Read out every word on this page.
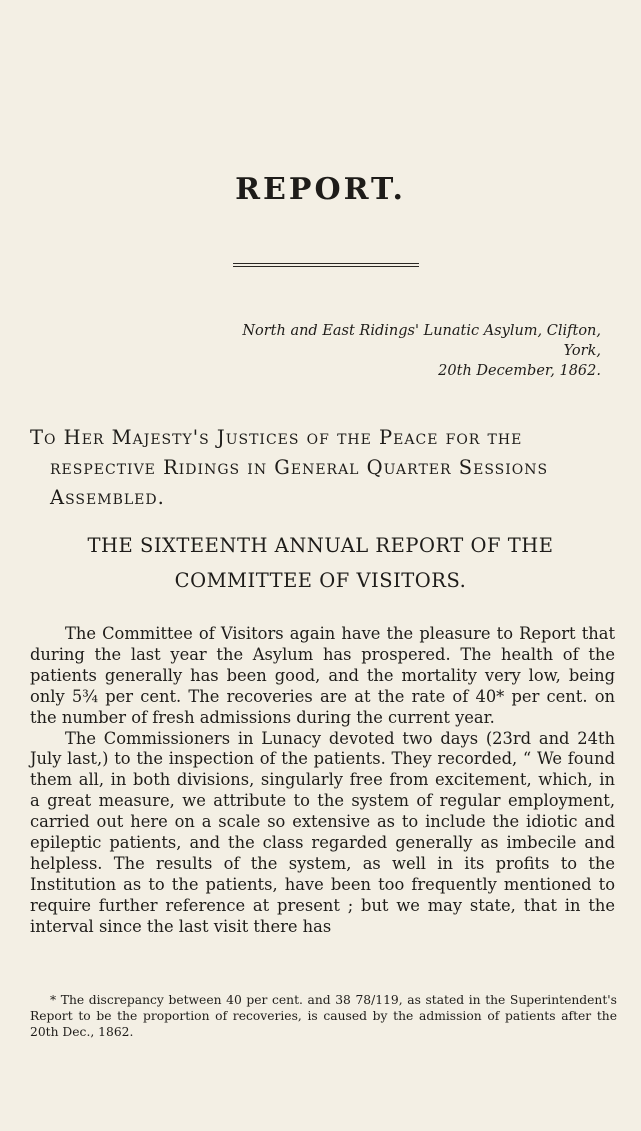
REPORT.
North and East Ridings' Lunatic Asylum, Clifton, York,
20th December, 1862.
To Her Majesty's Justices of the Peace for the
respective Ridings in General Quarter Sessions
Assembled.
THE SIXTEENTH ANNUAL REPORT OF THE
COMMITTEE OF VISITORS.

The Committee of Visitors again have the pleasure to Report that during the last year the Asylum has prospered. The health of the patients generally has been good, and the mortality very low, being only 5¾ per cent. The recoveries are at the rate of 40* per cent. on the number of fresh admissions during the current year.

The Commissioners in Lunacy devoted two days (23rd and 24th July last,) to the inspection of the patients. They recorded, “ We found them all, in both divisions, singularly free from excitement, which, in a great measure, we attribute to the system of regular employment, carried out here on a scale so extensive as to include the idiotic and epileptic patients, and the class regarded generally as imbecile and helpless. The results of the system, as well in its profits to the Institution as to the patients, have been too frequently mentioned to require further reference at present ; but we may state, that in the interval since the last visit there has

* The discrepancy between 40 per cent. and 38 78/119, as stated in the Superintendent's Report to be the proportion of recoveries, is caused by the admission of patients after the 20th Dec., 1862.
